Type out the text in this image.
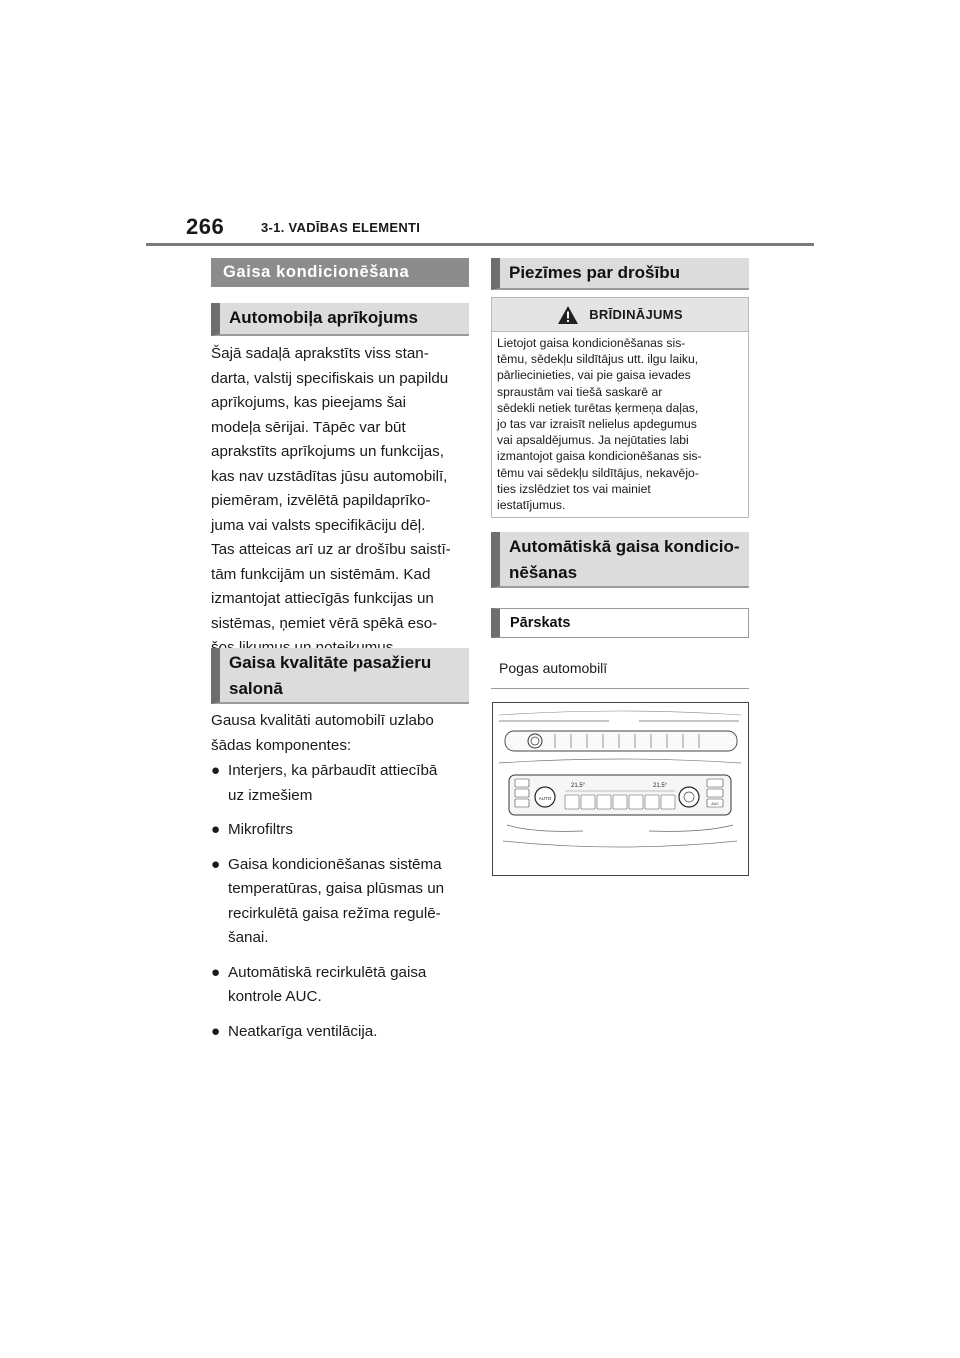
266	3-1. VADĪBAS ELEMENTI
Gaisa kondicionēšana
Automobiļa aprīkojums
Šajā sadaļā aprakstīts viss stan-
darta, valstij specifiskais un papildu
aprīkojums, kas pieejams šai
modeļa sērijai. Tāpēc var būt
aprakstīts aprīkojums un funkcijas,
kas nav uzstādītas jūsu automobilī,
piemēram, izvēlētā papildaprīko-
juma vai valsts specifikāciju dēļ.
Tas atteicas arī uz ar drošību saistī-
tām funkcijām un sistēmām. Kad
izmantojat attiecīgās funkcijas un
sistēmas, ņemiet vērā spēkā eso-
Gaisa kvalitāte pasažieru
salonā
Gausa kvalitāti automobilī uzlabo
šādas komponentes:
● Interjers, ka pārbaudīt attiecībā
uz izmešiem
● Mikrofiltrs
● Gaisa kondicionēšanas sistēma
temperatūras, gaisa plūsmas un
recirkulētā gaisa režīma regulē-
šanai.
● Automātiskā recirkulētā gaisa
kontrole AUC.
● Neatkarīga ventilācija.
Piezīmes par drošību
BRĪDINĀJUMS
Lietojot gaisa kondicionēšanas sis-
tēmu, sēdekļu sildītājus utt. ilgu laiku,
pārliecinieties, vai pie gaisa ievades
spraustām vai tiešā saskarē ar
sēdekli netiek turētas ķermeņa daļas,
jo tas var izraisīt nelielus apdegumus
vai apsaldējumus. Ja nejūtaties labi
izmantojot gaisa kondicionēšanas sis-
tēmu vai sēdekļu sildītājus, nekavējo-
ties izslēdziet tos vai mainiet
iestatījumus.
Automātiskā gaisa kondicio-
nēšanas
Pārskats
Pogas automobilī
AUTO
21.5°	21.5°
AUC
